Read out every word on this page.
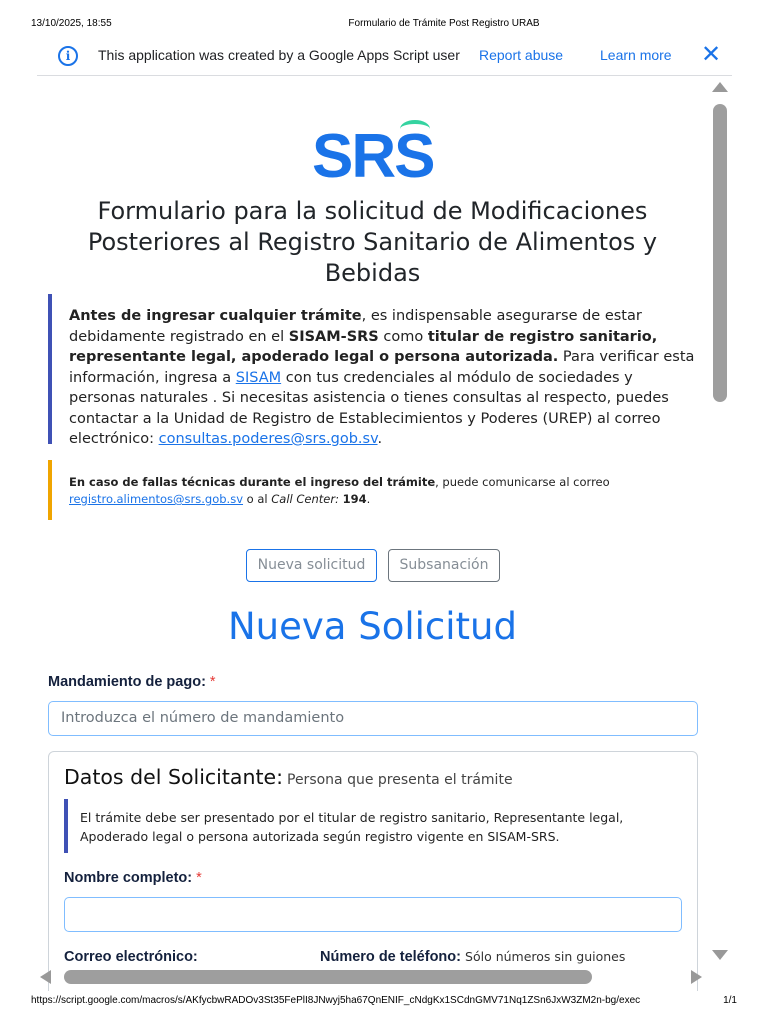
13/10/2025, 18:55	Formulario de Trámite Post Registro URAB
i	This application was created by a Google Apps Script user Report abuse	Learn more ✕
SRS
Formulario para la solicitud de Modificaciones Posteriores al Registro Sanitario de Alimentos y Bebidas
Antes de ingresar cualquier trámite, es indispensable asegurarse de estar debidamente registrado en el SISAM-SRS como titular de registro sanitario, representante legal, apoderado legal o persona autorizada. Para verificar esta información, ingresa a SISAM con tus credenciales al módulo de sociedades y personas naturales . Si necesitas asistencia o tienes consultas al respecto, puedes contactar a la Unidad de Registro de Establecimientos y Poderes (UREP) al correo electrónico: consultas.poderes@srs.gob.sv.
En caso de fallas técnicas durante el ingreso del trámite, puede comunicarse al correo
registro.alimentos@srs.gob.sv o al Call Center: 194.
Nueva solicitud	Subsanación
Nueva Solicitud
Mandamiento de pago: *
Introduzca el número de mandamiento
Datos del Solicitante: Persona que presenta el trámite
El trámite debe ser presentado por el titular de registro sanitario, Representante legal, Apoderado legal o persona autorizada según registro vigente en SISAM-SRS.
Nombre completo: *
Correo electrónico:	Número de teléfono: Sólo números sin guiones
https://script.google.com/macros/s/AKfycbwRADOv3St35FePlI8JNwyj5ha67QnENIF_cNdgKx1SCdnGMV71Nq1ZSn6JxW3ZM2n-bg/exec	1/1
